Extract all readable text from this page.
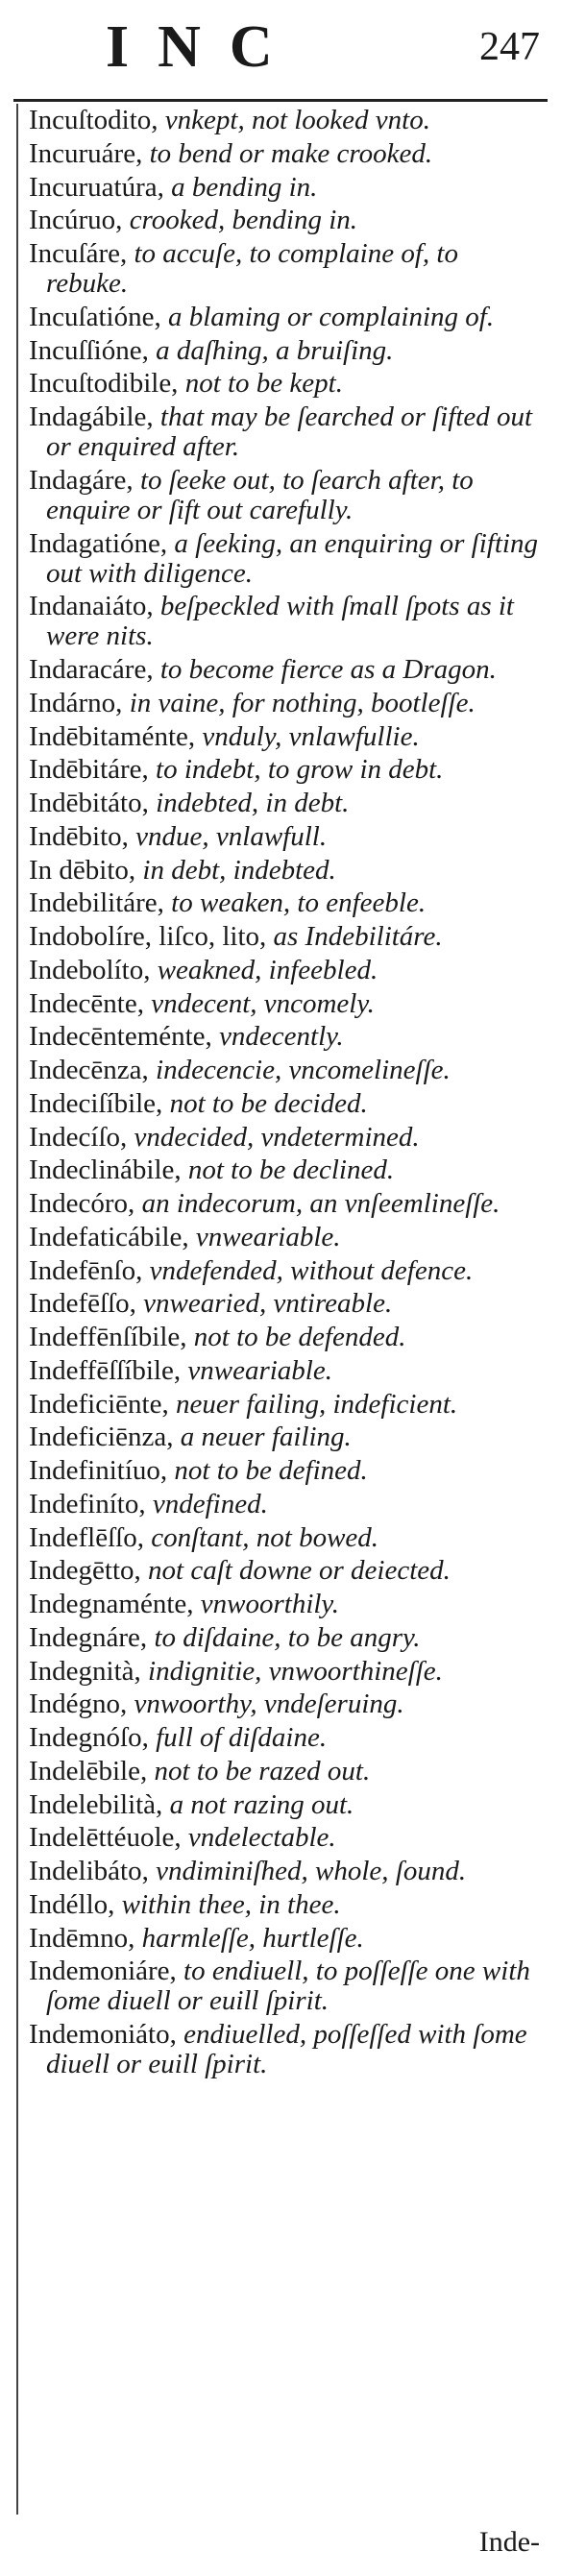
INC	247
Incuſtodito, vnkept, not looked vnto.
Incuruáre, to bend or make crooked.
Incuruatúra, a bending in.
Incúruo, crooked, bending in.
Incuſáre, to accuſe, to complaine of, to rebuke.
Incuſatióne, a blaming or complaining of.
Incuſſióne, a daſhing, a bruiſing.
Incuſtodibile, not to be kept.
Indagábile, that may be ſearched or ſifted out or enquired after.
Indagáre, to ſeeke out, to ſearch after, to enquire or ſift out carefully.
Indagatióne, a ſeeking, an enquiring or ſifting out with diligence.
Indanaiáto, beſpeckled with ſmall ſpots as it were nits.
Indaracáre, to become fierce as a Dragon.
Indárno, in vaine, for nothing, bootleſſe.
Indēbitaménte, vnduly, vnlawfullie.
Indēbitáre, to indebt, to grow in debt.
Indēbitáto, indebted, in debt.
Indēbito, vndue, vnlawfull.
In dēbito, in debt, indebted.
Indebilitáre, to weaken, to enfeeble.
Indobolíre, liſco, lito, as Indebilitáre.
Indebolíto, weakned, infeebled.
Indecēnte, vndecent, vncomely.
Indecēnteménte, vndecently.
Indecēnza, indecencie, vncomelineſſe.
Indeciſíbile, not to be decided.
Indecíſo, vndecided, vndetermined.
Indeclinábile, not to be declined.
Indecóro, an indecorum, an vnſeemlineſſe.
Indefaticábile, vnweariable.
Indefēnſo, vndefended, without defence.
Indefēſſo, vnwearied, vntireable.
Indeffēnſíbile, not to be defended.
Indeffēſſíbile, vnweariable.
Indeficiēnte, neuer failing, indeficient.
Indeficiēnza, a neuer failing.
Indefinitíuo, not to be defined.
Indefiníto, vndefined.
Indeflēſſo, conſtant, not bowed.
Indegētto, not caſt downe or deiected.
Indegnaménte, vnwoorthily.
Indegnáre, to diſdaine, to be angry.
Indegnità, indignitie, vnwoorthineſſe.
Indégno, vnwoorthy, vndeſeruing.
Indegnóſo, full of diſdaine.
Indelēbile, not to be razed out.
Indelebilità, a not razing out.
Indelēttéuole, vndelectable.
Indelibáto, vndiminiſhed, whole, ſound.
Indéllo, within thee, in thee.
Indēmno, harmleſſe, hurtleſſe.
Indemoniáre, to endiuell, to poſſeſſe one with ſome diuell or euill ſpirit.
Indemoniáto, endiuelled, poſſeſſed with ſome diuell or euill ſpirit.
Inde-
